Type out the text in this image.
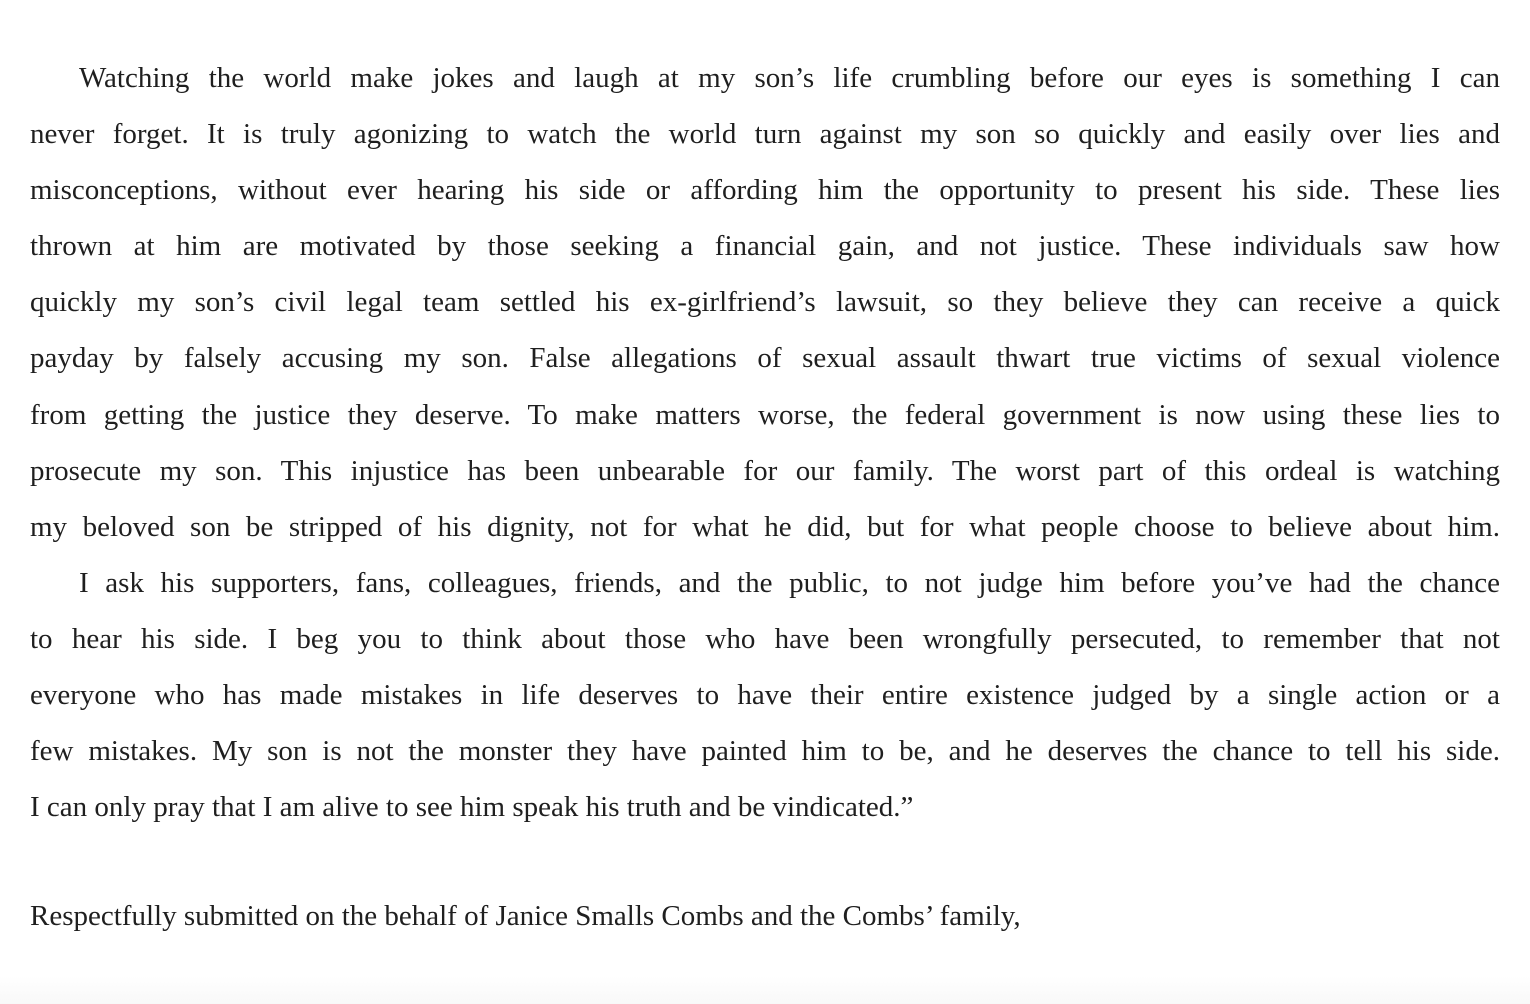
Watching the world make jokes and laugh at my son’s life crumbling before our eyes is something I can
never forget. It is truly agonizing to watch the world turn against my son so quickly and easily over lies and
misconceptions, without ever hearing his side or affording him the opportunity to present his side. These lies
thrown at him are motivated by those seeking a financial gain, and not justice. These individuals saw how
quickly my son’s civil legal team settled his ex-girlfriend’s lawsuit, so they believe they can receive a quick
payday by falsely accusing my son. False allegations of sexual assault thwart true victims of sexual violence
from getting the justice they deserve. To make matters worse, the federal government is now using these lies to
prosecute my son. This injustice has been unbearable for our family. The worst part of this ordeal is watching
my beloved son be stripped of his dignity, not for what he did, but for what people choose to believe about him.
I ask his supporters, fans, colleagues, friends, and the public, to not judge him before you’ve had the chance
to hear his side. I beg you to think about those who have been wrongfully persecuted, to remember that not
everyone who has made mistakes in life deserves to have their entire existence judged by a single action or a
few mistakes. My son is not the monster they have painted him to be, and he deserves the chance to tell his side.
I can only pray that I am alive to see him speak his truth and be vindicated.”
Respectfully submitted on the behalf of Janice Smalls Combs and the Combs’ family,
